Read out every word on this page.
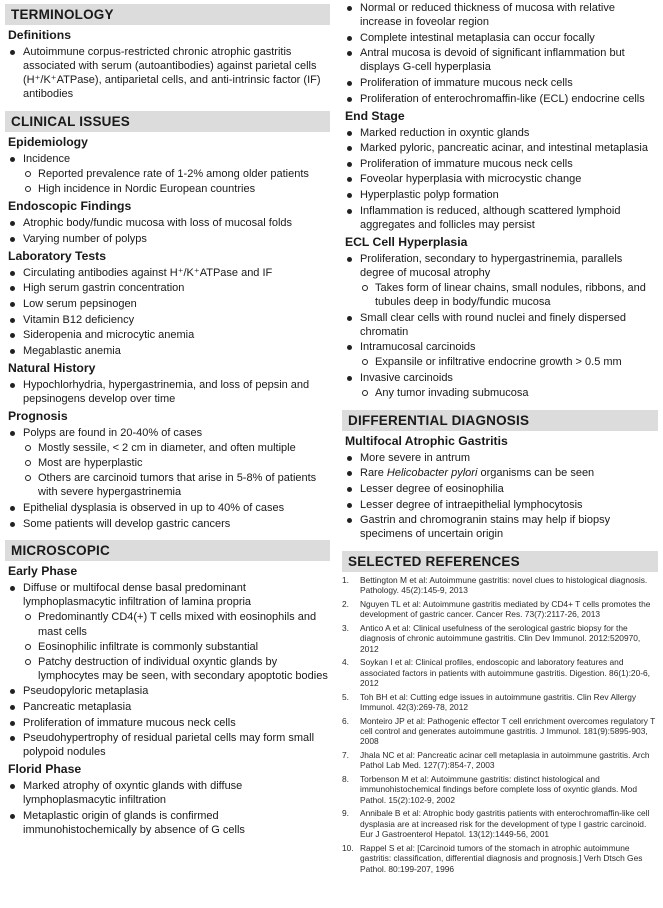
TERMINOLOGY
Definitions
Autoimmune corpus-restricted chronic atrophic gastritis associated with serum (autoantibodies) against parietal cells (H⁺/K⁺ATPase), antiparietal cells, and anti-intrinsic factor (IF) antibodies
CLINICAL ISSUES
Epidemiology
Incidence
Reported prevalence rate of 1-2% among older patients
High incidence in Nordic European countries
Endoscopic Findings
Atrophic body/fundic mucosa with loss of mucosal folds
Varying number of polyps
Laboratory Tests
Circulating antibodies against H⁺/K⁺ATPase and IF
High serum gastrin concentration
Low serum pepsinogen
Vitamin B12 deficiency
Sideropenia and microcytic anemia
Megablastic anemia
Natural History
Hypochlorhydria, hypergastrinemia, and loss of pepsin and pepsinogens develop over time
Prognosis
Polyps are found in 20-40% of cases
Mostly sessile, < 2 cm in diameter, and often multiple
Most are hyperplastic
Others are carcinoid tumors that arise in 5-8% of patients with severe hypergastrinemia
Epithelial dysplasia is observed in up to 40% of cases
Some patients will develop gastric cancers
MICROSCOPIC
Early Phase
Diffuse or multifocal dense basal predominant lymphoplasmacytic infiltration of lamina propria
Predominantly CD4(+) T cells mixed with eosinophils and mast cells
Eosinophilic infiltrate is commonly substantial
Patchy destruction of individual oxyntic glands by lymphocytes may be seen, with secondary apoptotic bodies
Pseudopyloric metaplasia
Pancreatic metaplasia
Proliferation of immature mucous neck cells
Pseudohypertrophy of residual parietal cells may form small polypoid nodules
Florid Phase
Marked atrophy of oxyntic glands with diffuse lymphoplasmacytic infiltration
Metaplastic origin of glands is confirmed immunohistochemically by absence of G cells
Normal or reduced thickness of mucosa with relative increase in foveolar region
Complete intestinal metaplasia can occur focally
Antral mucosa is devoid of significant inflammation but displays G-cell hyperplasia
Proliferation of immature mucous neck cells
Proliferation of enterochromaffin-like (ECL) endocrine cells
End Stage
Marked reduction in oxyntic glands
Marked pyloric, pancreatic acinar, and intestinal metaplasia
Proliferation of immature mucous neck cells
Foveolar hyperplasia with microcystic change
Hyperplastic polyp formation
Inflammation is reduced, although scattered lymphoid aggregates and follicles may persist
ECL Cell Hyperplasia
Proliferation, secondary to hypergastrinemia, parallels degree of mucosal atrophy
Takes form of linear chains, small nodules, ribbons, and tubules deep in body/fundic mucosa
Small clear cells with round nuclei and finely dispersed chromatin
Intramucosal carcinoids
Expansile or infiltrative endocrine growth > 0.5 mm
Invasive carcinoids
Any tumor invading submucosa
DIFFERENTIAL DIAGNOSIS
Multifocal Atrophic Gastritis
More severe in antrum
Rare Helicobacter pylori organisms can be seen
Lesser degree of eosinophilia
Lesser degree of intraepithelial lymphocytosis
Gastrin and chromogranin stains may help if biopsy specimens of uncertain origin
SELECTED REFERENCES
1. Bettington M et al: Autoimmune gastritis: novel clues to histological diagnosis. Pathology. 45(2):145-9, 2013
2. Nguyen TL et al: Autoimmune gastritis mediated by CD4+ T cells promotes the development of gastric cancer. Cancer Res. 73(7):2117-26, 2013
3. Antico A et al: Clinical usefulness of the serological gastric biopsy for the diagnosis of chronic autoimmune gastritis. Clin Dev Immunol. 2012:520970, 2012
4. Soykan I et al: Clinical profiles, endoscopic and laboratory features and associated factors in patients with autoimmune gastritis. Digestion. 86(1):20-6, 2012
5. Toh BH et al: Cutting edge issues in autoimmune gastritis. Clin Rev Allergy Immunol. 42(3):269-78, 2012
6. Monteiro JP et al: Pathogenic effector T cell enrichment overcomes regulatory T cell control and generates autoimmune gastritis. J Immunol. 181(9):5895-903, 2008
7. Jhala NC et al: Pancreatic acinar cell metaplasia in autoimmune gastritis. Arch Pathol Lab Med. 127(7):854-7, 2003
8. Torbenson M et al: Autoimmune gastritis: distinct histological and immunohistochemical findings before complete loss of oxyntic glands. Mod Pathol. 15(2):102-9, 2002
9. Annibale B et al: Atrophic body gastritis patients with enterochromaffin-like cell dysplasia are at increased risk for the development of type I gastric carcinoid. Eur J Gastroenterol Hepatol. 13(12):1449-56, 2001
10. Rappel S et al: [Carcinoid tumors of the stomach in atrophic autoimmune gastritis: classification, differential diagnosis and prognosis.] Verh Dtsch Ges Pathol. 80:199-207, 1996
